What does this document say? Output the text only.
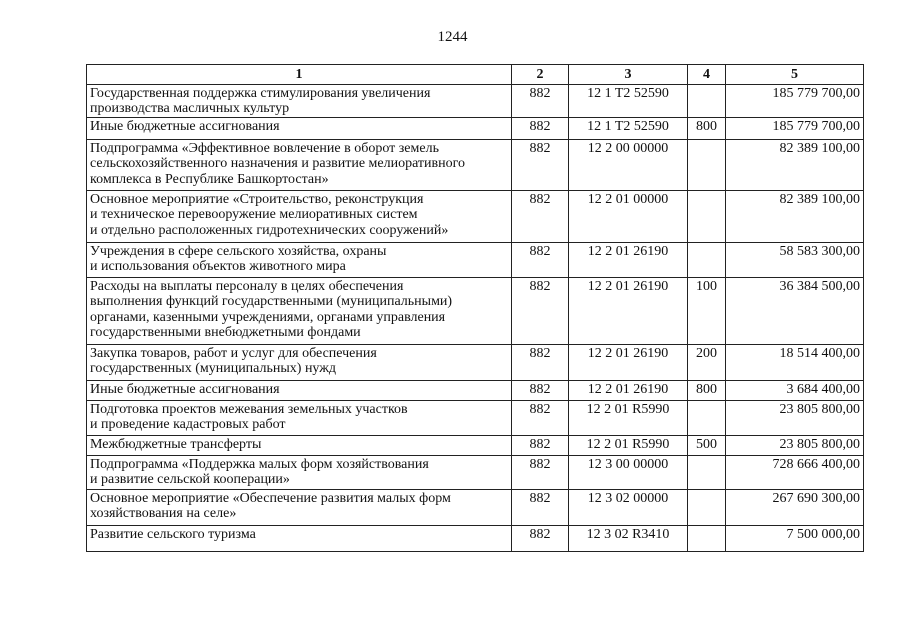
1244
1	2	3	4	5
Государственная поддержка стимулирования увеличения
производства масличных культур	882	12 1 T2 52590		185 779 700,00
Иные бюджетные ассигнования	882	12 1 T2 52590	800	185 779 700,00
Подпрограмма «Эффективное вовлечение в оборот земель
сельскохозяйственного назначения и развитие мелиоративного
комплекса в Республике Башкортостан»	882	12 2 00 00000		82 389 100,00
Основное мероприятие «Строительство, реконструкция
и техническое перевооружение мелиоративных систем
и отдельно расположенных гидротехнических сооружений»	882	12 2 01 00000		82 389 100,00
Учреждения в сфере сельского хозяйства, охраны
и использования объектов животного мира	882	12 2 01 26190		58 583 300,00
Расходы на выплаты персоналу в целях обеспечения
выполнения функций государственными (муниципальными)
органами, казенными учреждениями, органами управления
государственными внебюджетными фондами	882	12 2 01 26190	100	36 384 500,00
Закупка товаров, работ и услуг для обеспечения
государственных (муниципальных) нужд	882	12 2 01 26190	200	18 514 400,00
Иные бюджетные ассигнования	882	12 2 01 26190	800	3 684 400,00
Подготовка проектов межевания земельных участков
и проведение кадастровых работ	882	12 2 01 R5990		23 805 800,00
Межбюджетные трансферты	882	12 2 01 R5990	500	23 805 800,00
Подпрограмма «Поддержка малых форм хозяйствования
и развитие сельской кооперации»	882	12 3 00 00000		728 666 400,00
Основное мероприятие «Обеспечение развития малых форм
хозяйствования на селе»	882	12 3 02 00000		267 690 300,00
Развитие сельского туризма	882	12 3 02 R3410		7 500 000,00
